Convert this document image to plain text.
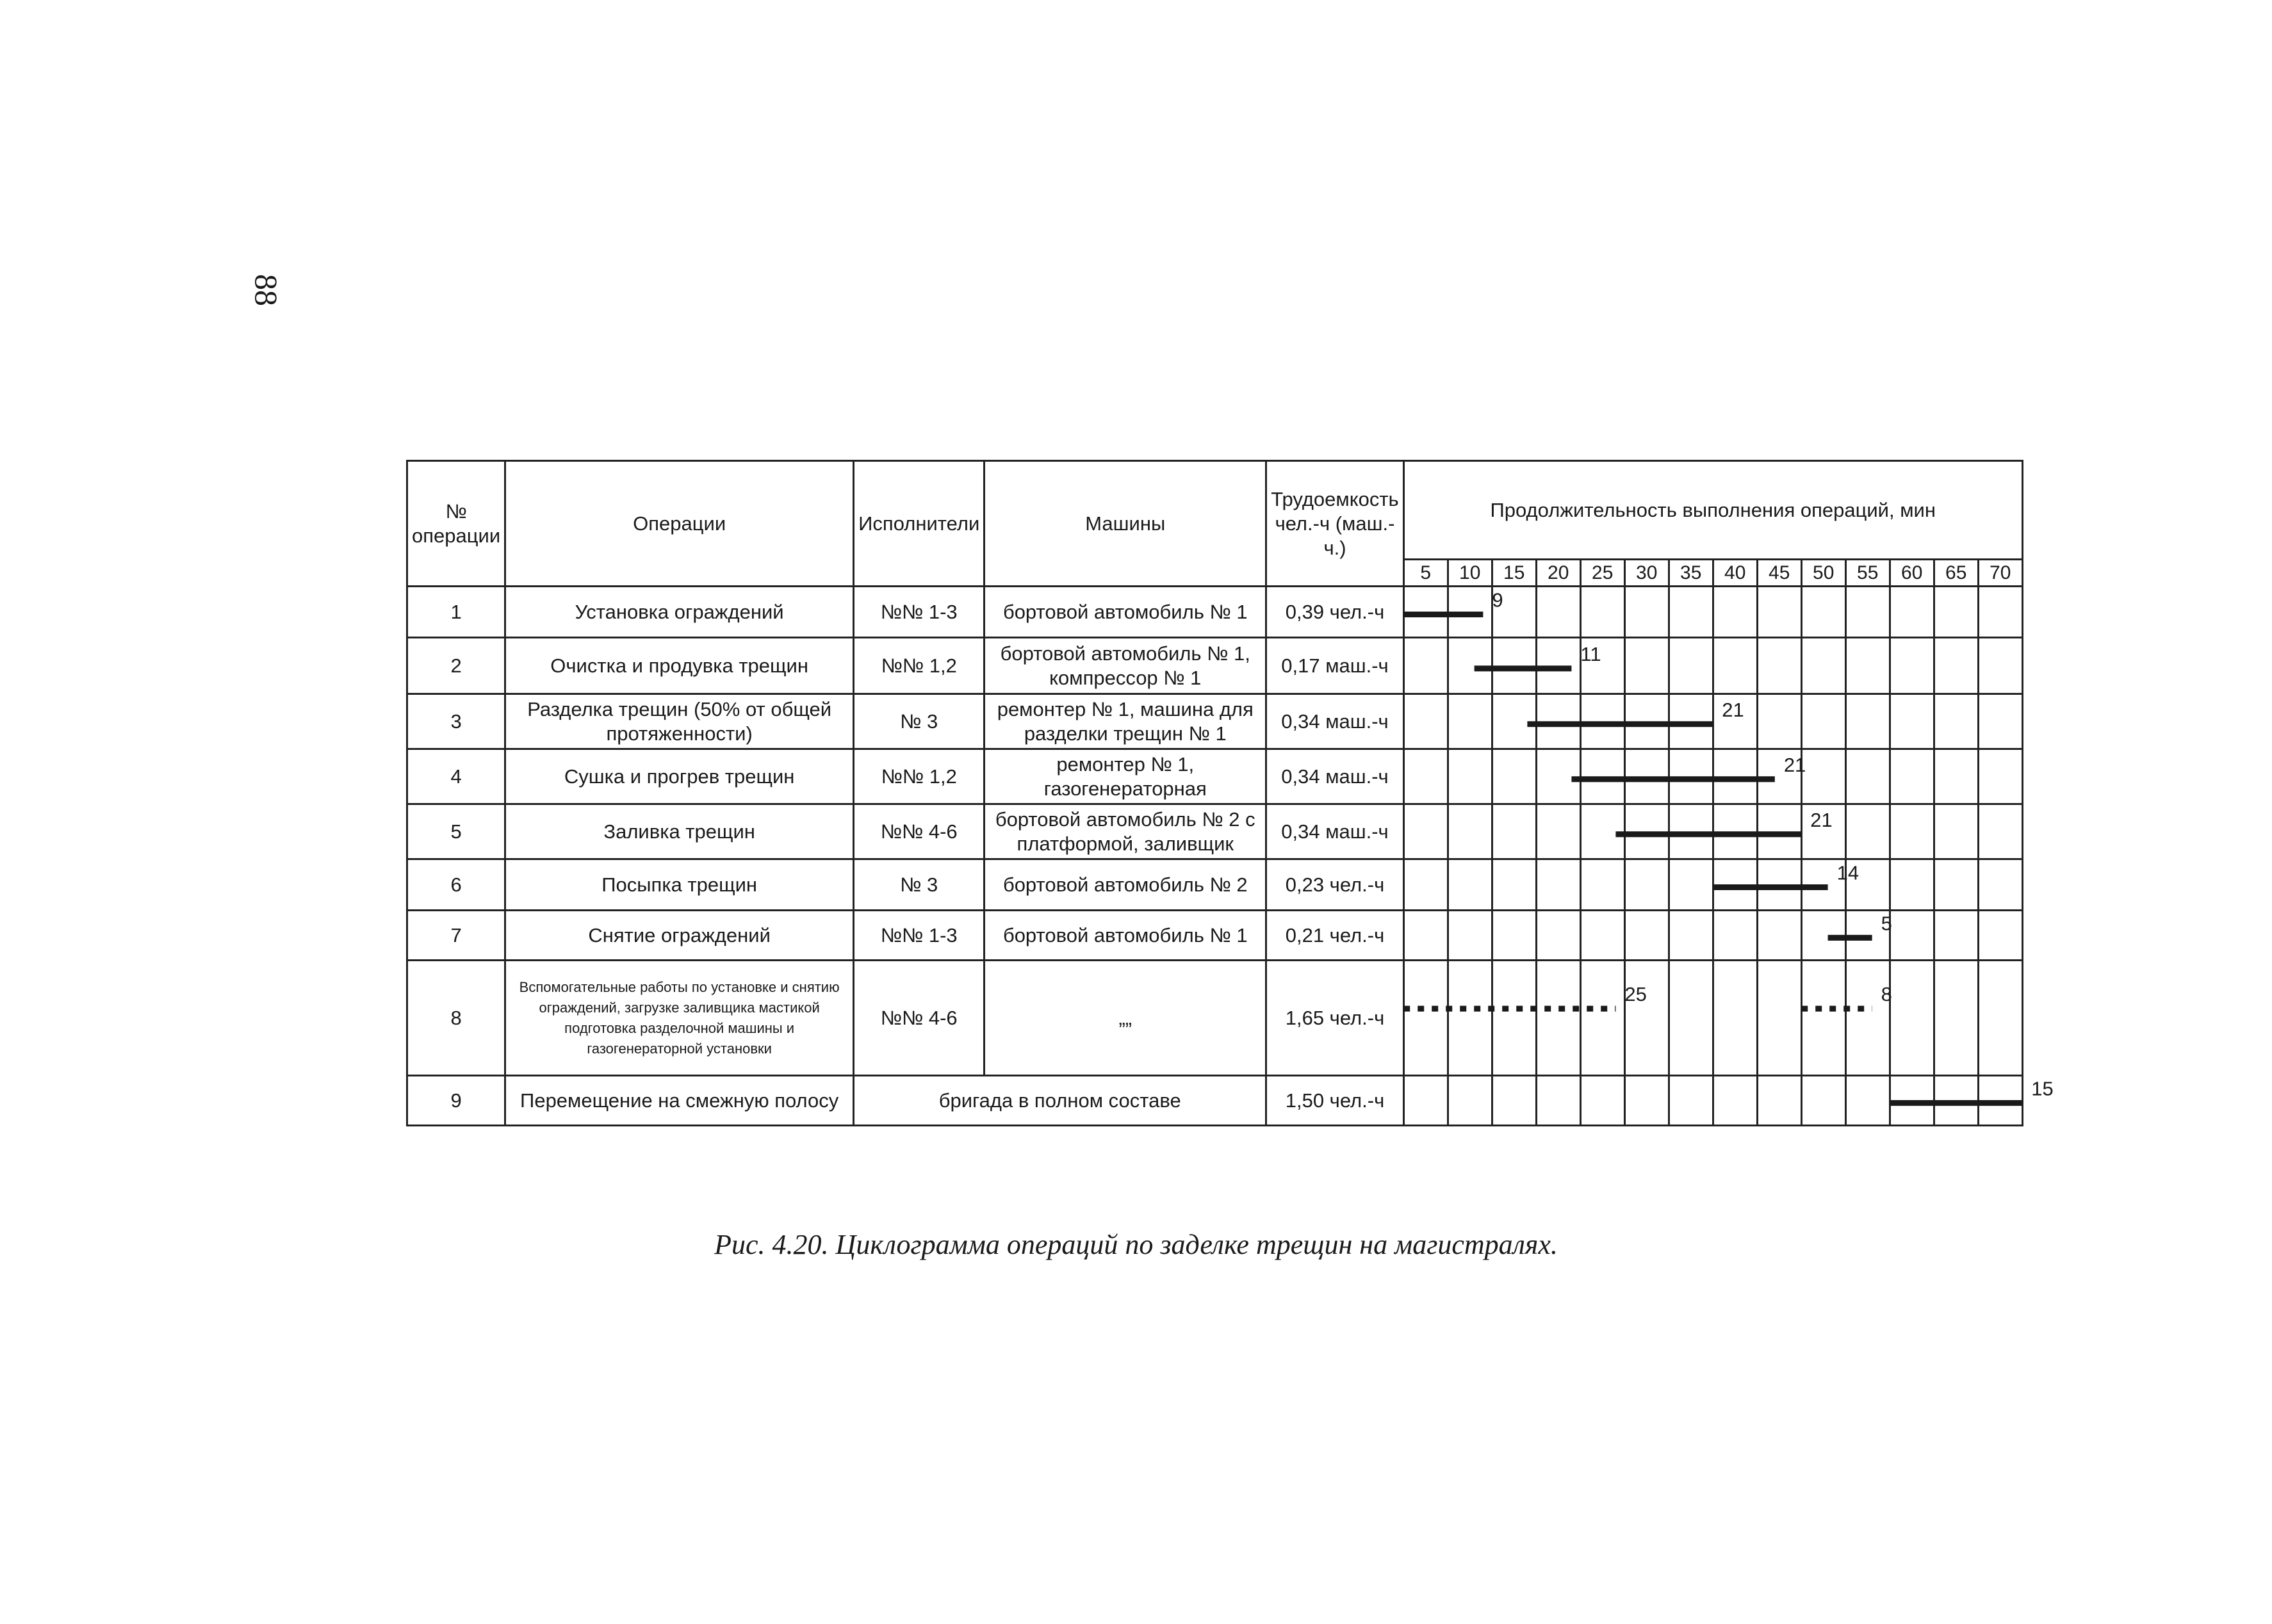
88
№ операции	Операции	Исполнители	Машины	Трудоемкость чел.-ч (маш.-ч.)	Продолжительность выполнения операций, мин													
					5	10	15	20	25	30	35	40	45	50	55	60	65	70
1	Установка ограждений	№№ 1-3	бортовой автомобиль № 1	0,39 чел.-ч														
2	Очистка и продувка трещин	№№ 1,2	бортовой автомобиль № 1, компрессор № 1	0,17 маш.-ч														
3	Разделка трещин (50% от общей протяженности)	№ 3	ремонтер № 1, машина для разделки трещин № 1	0,34 маш.-ч														
4	Сушка и прогрев трещин	№№ 1,2	ремонтер № 1, газогенераторная	0,34 маш.-ч														
5	Заливка трещин	№№ 4-6	бортовой автомобиль № 2 с платформой, заливщик	0,34 маш.-ч														
6	Посыпка трещин	№ 3	бортовой автомобиль № 2	0,23 чел.-ч														
7	Снятие ограждений	№№ 1-3	бортовой автомобиль № 1	0,21 чел.-ч														
8	Вспомогательные работы по установке и снятию ограждений, загрузке заливщика мастикой подготовка разделочной машины и газогенераторной установки	№№ 4-6	„„	1,65 чел.-ч														
9	Перемещение на смежную полосу	бригада в полном составе		1,50 чел.-ч														
9
11
21
21
21
14
5
25	8
15
Рис. 4.20. Циклограмма операций по заделке трещин на магистралях.
